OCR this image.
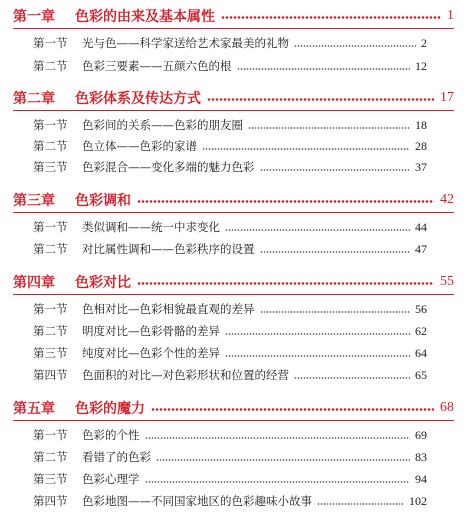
第一章	色彩的由来及基本属性	1
第一节	光与色——科学家送给艺术家最美的礼物	2
第二节	色彩三要素——五颜六色的根	12
第二章	色彩体系及传达方式	17
第一节	色彩间的关系——色彩的朋友圈	18
第二节	色立体——色彩的家谱	28
第三节	色彩混合——变化多端的魅力色彩	37
第三章	色彩调和	42
第一节	类似调和——统一中求变化	44
第二节	对比属性调和——色彩秩序的设置	47
第四章	色彩对比	55
第一节	色相对比—色彩相貌最直观的差异	56
第二节	明度对比—色彩骨骼的差异	62
第三节	纯度对比—色彩个性的差异	64
第四节	色面积的对比—对色彩形状和位置的经营	65
第五章	色彩的魔力	68
第一节	色彩的个性	69
第二节	看错了的色彩	83
第三节	色彩心理学	94
第四节	色彩地图——不同国家地区的色彩趣味小故事	102
